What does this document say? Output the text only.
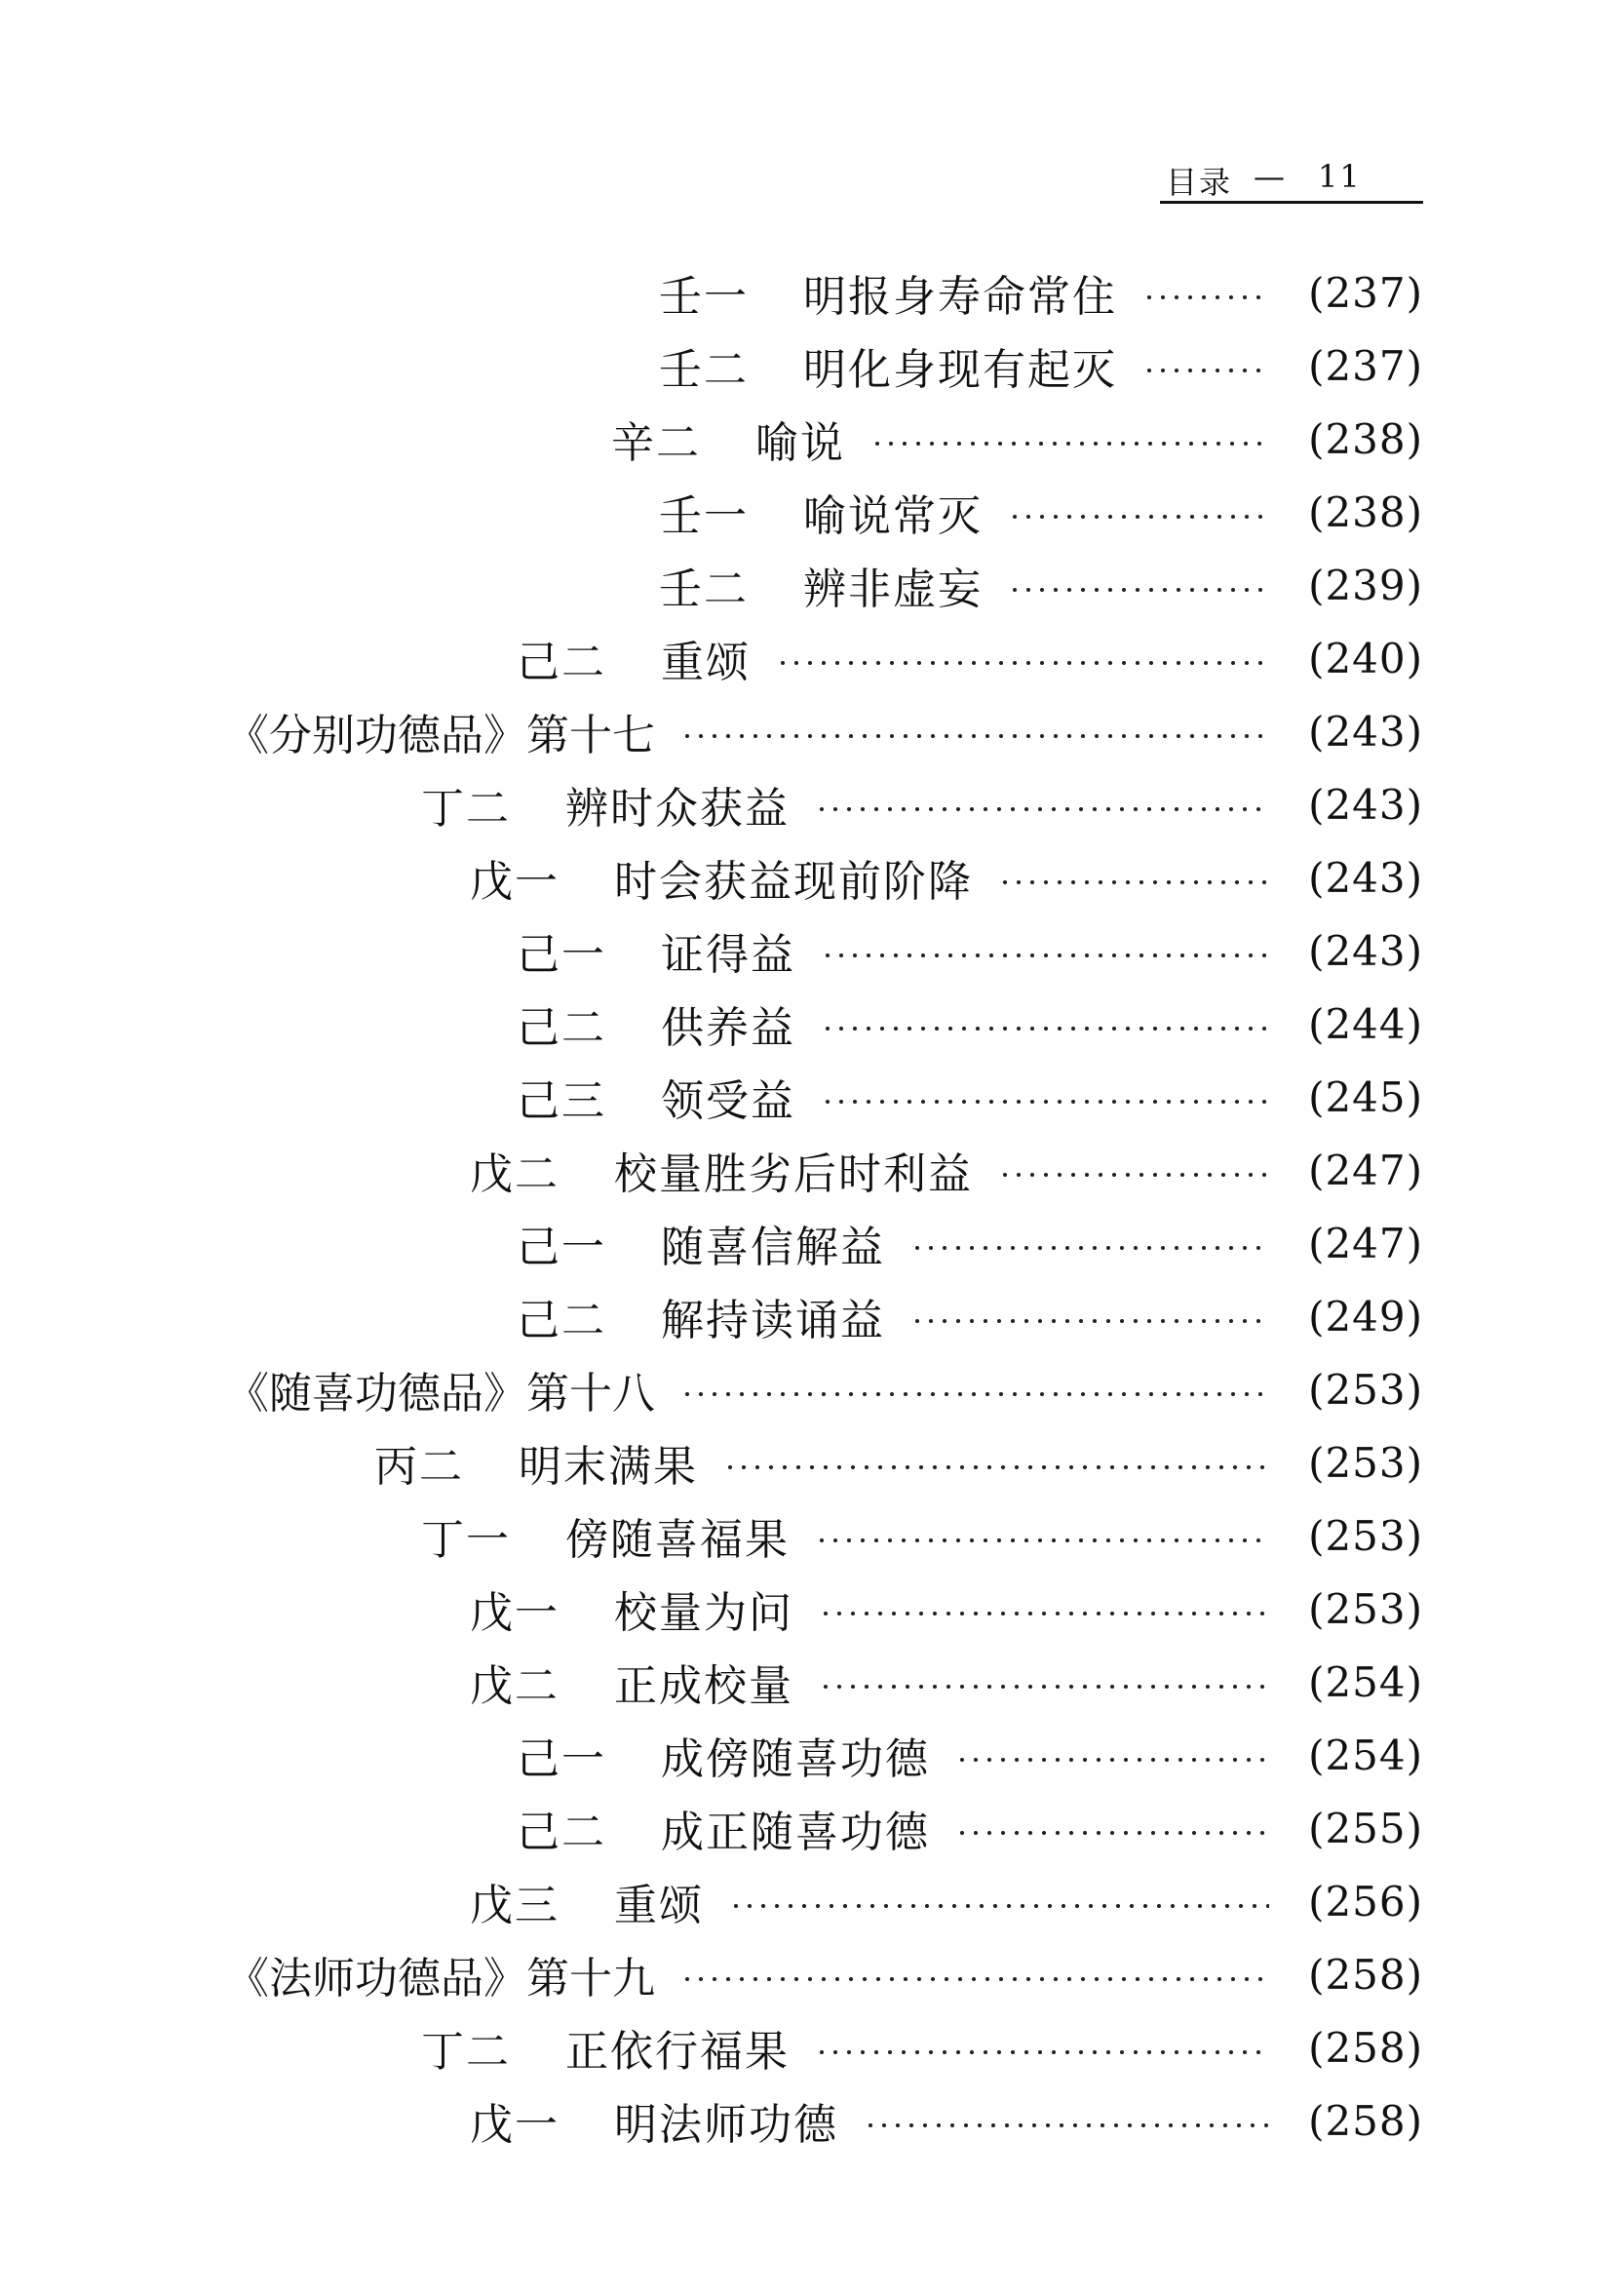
目录 — 11
壬一	明报身寿命常住	(237)
壬二	明化身现有起灭	(237)
辛二	喻说	(238)
壬一	喻说常灭	(238)
壬二	辨非虚妄	(239)
己二	重颂	(240)
《分别功德品》第十七	(243)
丁二	辨时众获益	(243)
戊一	时会获益现前阶降	(243)
己一	证得益	(243)
己二	供养益	(244)
己三	领受益	(245)
戊二	校量胜劣后时利益	(247)
己一	随喜信解益	(247)
己二	解持读诵益	(249)
《随喜功德品》第十八	(253)
丙二	明末满果	(253)
丁一	傍随喜福果	(253)
戊一	校量为问	(253)
戊二	正成校量	(254)
己一	成傍随喜功德	(254)
己二	成正随喜功德	(255)
戊三	重颂	(256)
《法师功德品》第十九	(258)
丁二	正依行福果	(258)
戊一	明法师功德	(258)
